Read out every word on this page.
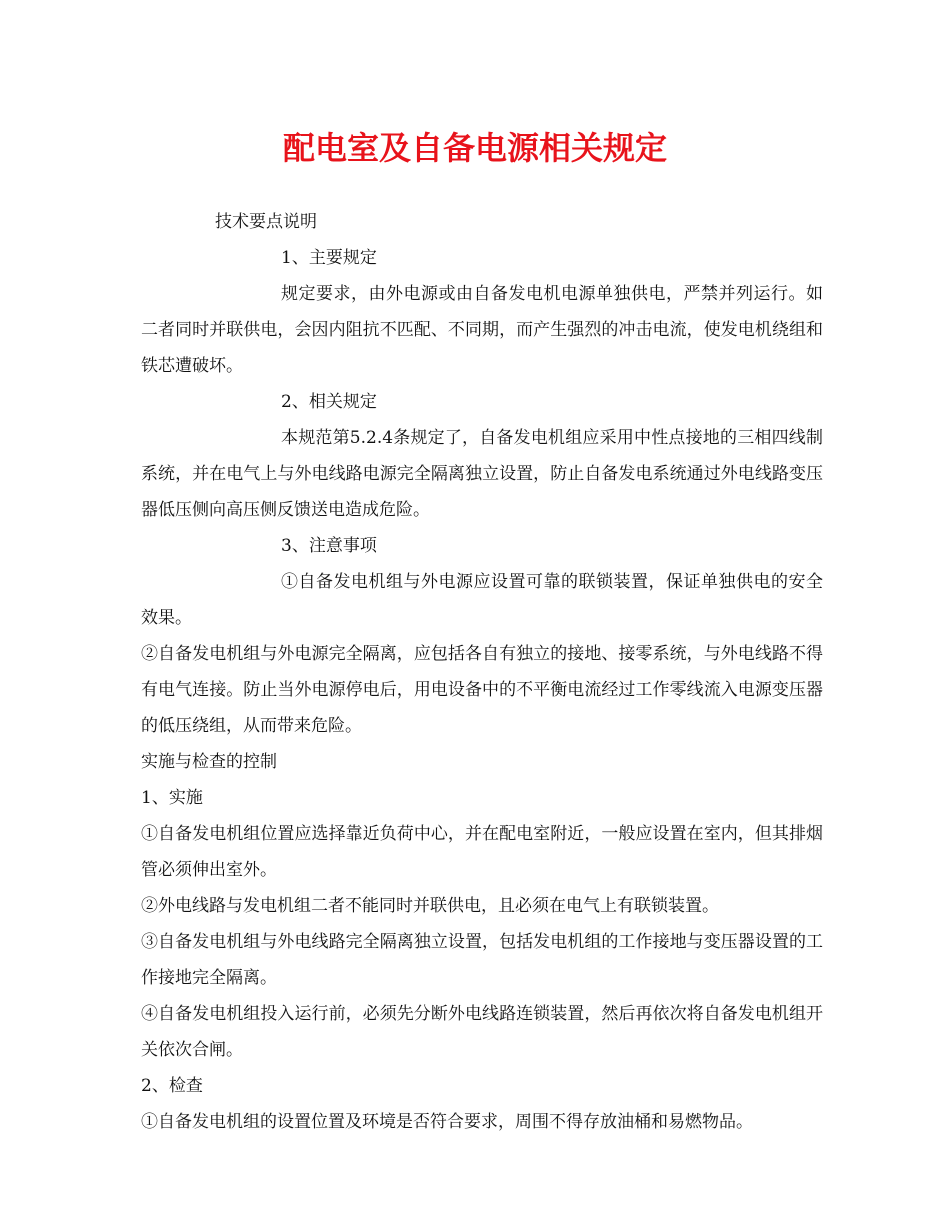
配电室及自备电源相关规定

技术要点说明

1、主要规定

规定要求，由外电源或由自备发电机电源单独供电，严禁并列运行。如二者同时并联供电，会因内阻抗不匹配、不同期，而产生强烈的冲击电流，使发电机绕组和铁芯遭破坏。

2、相关规定

本规范第5.2.4条规定了，自备发电机组应采用中性点接地的三相四线制系统，并在电气上与外电线路电源完全隔离独立设置，防止自备发电系统通过外电线路变压器低压侧向高压侧反馈送电造成危险。

3、注意事项

①自备发电机组与外电源应设置可靠的联锁装置，保证单独供电的安全效果。

②自备发电机组与外电源完全隔离，应包括各自有独立的接地、接零系统，与外电线路不得有电气连接。防止当外电源停电后，用电设备中的不平衡电流经过工作零线流入电源变压器的低压绕组，从而带来危险。

实施与检查的控制

1、实施

①自备发电机组位置应选择靠近负荷中心，并在配电室附近，一般应设置在室内，但其排烟管必须伸出室外。

②外电线路与发电机组二者不能同时并联供电，且必须在电气上有联锁装置。

③自备发电机组与外电线路完全隔离独立设置，包括发电机组的工作接地与变压器设置的工作接地完全隔离。

④自备发电机组投入运行前，必须先分断外电线路连锁装置，然后再依次将自备发电机组开关依次合闸。

2、检查

①自备发电机组的设置位置及环境是否符合要求，周围不得存放油桶和易燃物品。
